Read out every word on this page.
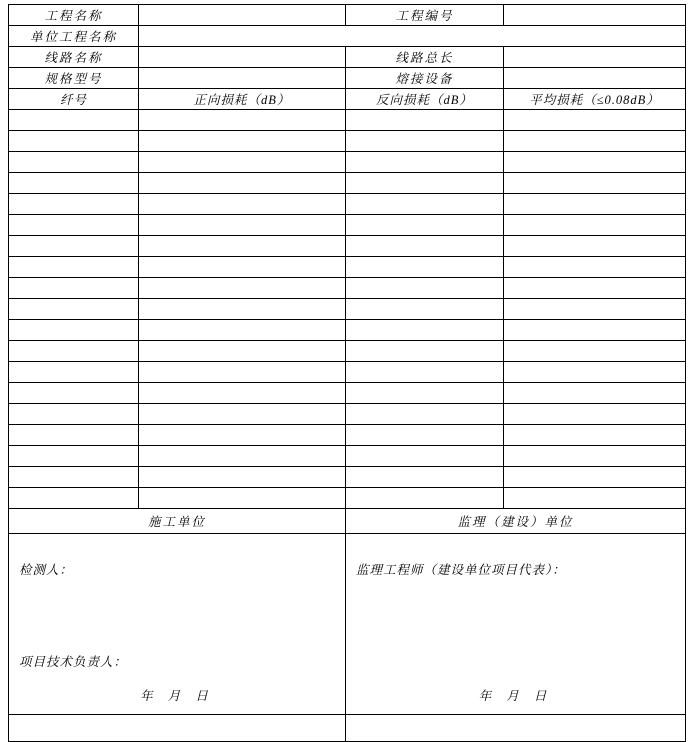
工程名称		工程编号	
单位工程名称			
线路名称		线路总长	
规格型号		熔接设备	
纤号	正向损耗（dB）	反向损耗（dB）	平均损耗（≤0.08dB）

施工单位		监理（建设）单位	

检测人：
项目技术负责人：
年 月 日

监理工程师（建设单位项目代表）：
年 月 日
